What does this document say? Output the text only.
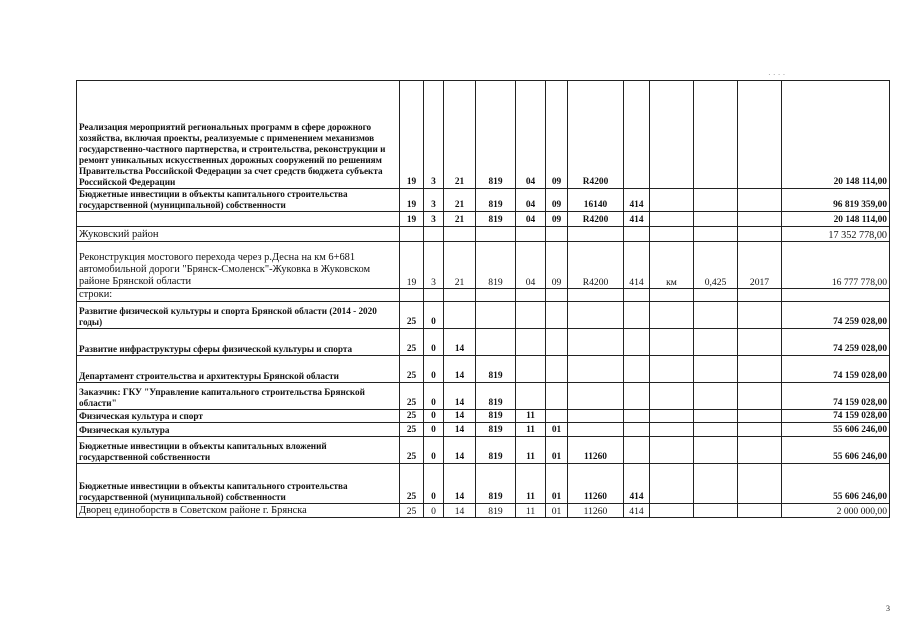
· · · ·
Реализация мероприятий региональных программ в сфере дорожного хозяйства, включая проекты, реализуемые с применением механизмов государственно-частного партнерства, и строительства, реконструкции и ремонт уникальных искусственных дорожных сооружений по решениям Правительства Российской Федерации за счет средств бюджета субъекта Российской Федерации	19	3	21	819	04	09	R4200					20 148 114,00
Бюджетные инвестиции в объекты капитального строительства государственной (муниципальной) собственности	19	3	21	819	04	09	16140	414				96 819 359,00
	19	3	21	819	04	09	R4200	414				20 148 114,00
Жуковский район												17 352 778,00
Реконструкция мостового перехода через р.Десна на км 6+681 автомобильной дороги "Брянск-Смоленск"-Жуковка в Жуковском районе Брянской области	19	3	21	819	04	09	R4200	414	км	0,425	2017	16 777 778,00
строки:												
Развитие физической культуры и спорта Брянской области (2014 - 2020 годы)	25	0										74 259 028,00
Развитие инфраструктуры сферы физической культуры и спорта	25	0	14									74 259 028,00
Департамент строительства и архитектуры Брянской области	25	0	14	819								74 159 028,00
Заказчик: ГКУ "Управление капитального строительства Брянской области"	25	0	14	819								74 159 028,00
Физическая культура и спорт	25	0	14	819	11							74 159 028,00
Физическая культура	25	0	14	819	11	01						55 606 246,00
Бюджетные инвестиции в объекты капитальных вложений государственной собственности	25	0	14	819	11	01	11260					55 606 246,00
Бюджетные инвестиции в объекты капитального строительства государственной (муниципальной) собственности	25	0	14	819	11	01	11260	414				55 606 246,00
Дворец единоборств в Советском районе г. Брянска	25	0	14	819	11	01	11260	414				2 000 000,00
3
